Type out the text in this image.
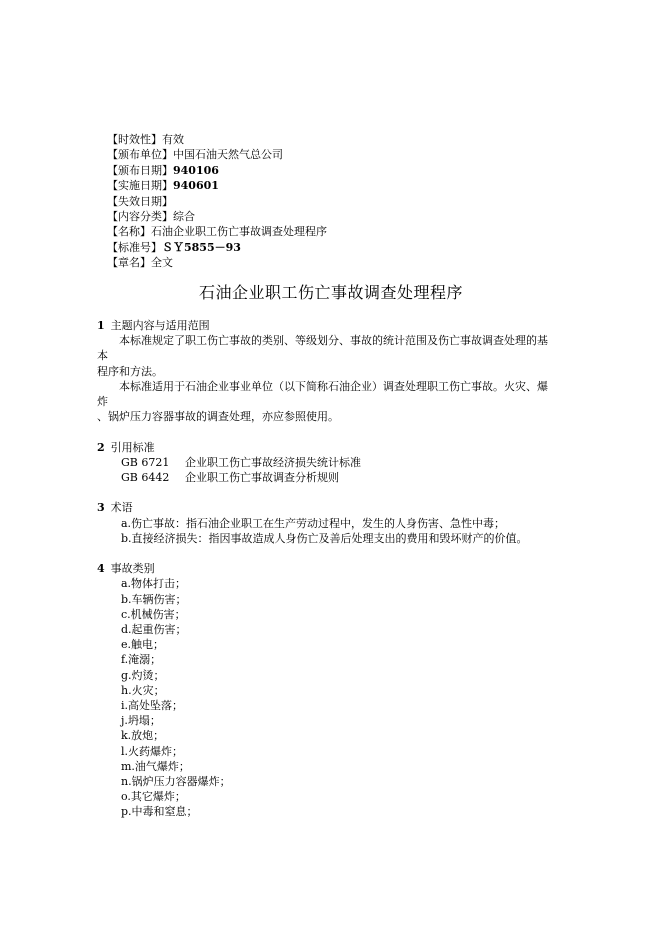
【时效性】有效
【颁布单位】中国石油天然气总公司
【颁布日期】940106
【实施日期】940601
【失效日期】
【内容分类】综合
【名称】石油企业职工伤亡事故调查处理程序
【标准号】ＳＹ5855－93
【章名】全文
石油企业职工伤亡事故调查处理程序
1 主题内容与适用范围
本标准规定了职工伤亡事故的类别、等级划分、事故的统计范围及伤亡事故调查处理的基
本
程序和方法。
本标准适用于石油企业事业单位（以下简称石油企业）调查处理职工伤亡事故。火灾、爆
炸
、锅炉压力容器事故的调查处理，亦应参照使用。
2 引用标准
GB 6721 企业职工伤亡事故经济损失统计标准
GB 6442 企业职工伤亡事故调查分析规则
3 术语
a.伤亡事故：指石油企业职工在生产劳动过程中，发生的人身伤害、急性中毒；
b.直接经济损失：指因事故造成人身伤亡及善后处理支出的费用和毁坏财产的价值。
4 事故类别
a.物体打击；
b.车辆伤害；
c.机械伤害；
d.起重伤害；
e.触电；
f.淹溺；
g.灼烫；
h.火灾；
i.高处坠落；
j.坍塌；
k.放炮；
l.火药爆炸；
m.油气爆炸；
n.锅炉压力容器爆炸；
o.其它爆炸；
p.中毒和窒息；
